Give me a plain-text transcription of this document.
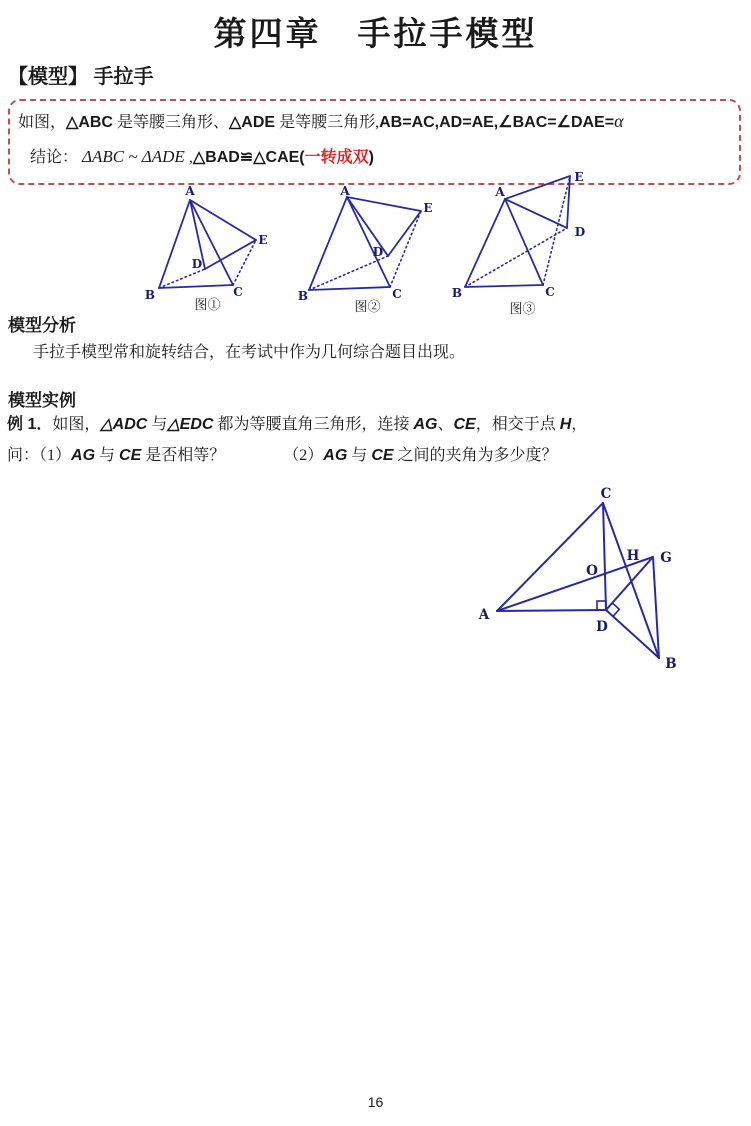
第四章　手拉手模型
【模型】 手拉手
如图，△ABC 是等腰三角形、△ADE 是等腰三角形,AB=AC,AD=AE,∠BAC=∠DAE=α
结论： ΔABC ~ ΔADE ,△BAD≌△CAE(一转成双)
A
B	C
D
E
图①
A
B	C
D
E
图②
A
B	C
D
E
图③
模型分析
手拉手模型常和旋转结合，在考试中作为几何综合题目出现。
模型实例
例 1．如图，△ADC 与△EDC 都为等腰直角三角形，连接 AG、CE，相交于点 H，
问：（1）AG 与 CE 是否相等？	（2）AG 与 CE 之间的夹角为多少度？
A
C
D
B
G
H
O
16
